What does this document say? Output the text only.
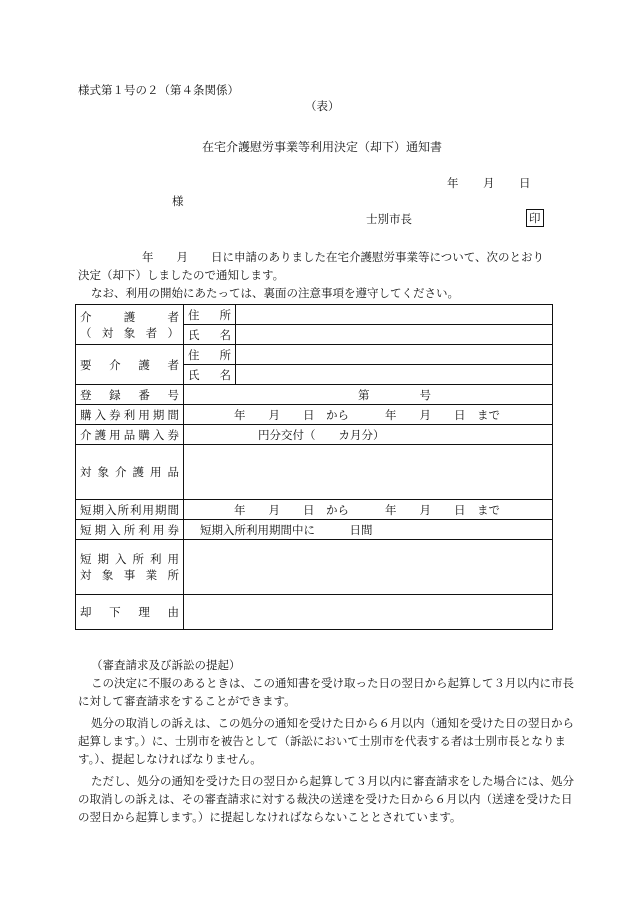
様式第１号の２（第４条関係）
（表）
在宅介護慰労事業等利用決定（却下）通知書
年 月 日
様
士別市長	印
年　　月　　日に申請のありました在宅介護慰労事業等について、次のとおり
決定（却下）しましたので通知します。
なお、利用の開始にあたっては、裏面の注意事項を遵守してください。
介護者
（対象者）	住所	
	氏名	
要介護者	住所	
	氏名	
登録番号	第 号	
購入券利用期間	年　　月　　日　から 年　　月　　日　まで	
介護用品購入券	円分交付（　　カ月分）	
対象介護用品		
短期入所利用期間	年　　月　　日　から 年　　月　　日　まで	
短期入所利用券	短期入所利用期間中に　　　日間	

短期入所利用
対象事業所		

却下理由		
（審査請求及び訴訟の提起）
この決定に不服のあるときは、この通知書を受け取った日の翌日から起算して３月以内に市長
に対して審査請求をすることができます。
処分の取消しの訴えは、この処分の通知を受けた日から６月以内（通知を受けた日の翌日から
起算します。）に、士別市を被告として（訴訟において士別市を代表する者は士別市長となりま
す。）、提起しなければなりません。
ただし、処分の通知を受けた日の翌日から起算して３月以内に審査請求をした場合には、処分
の取消しの訴えは、その審査請求に対する裁決の送達を受けた日から６月以内（送達を受けた日
の翌日から起算します。）に提起しなければならないこととされています。
